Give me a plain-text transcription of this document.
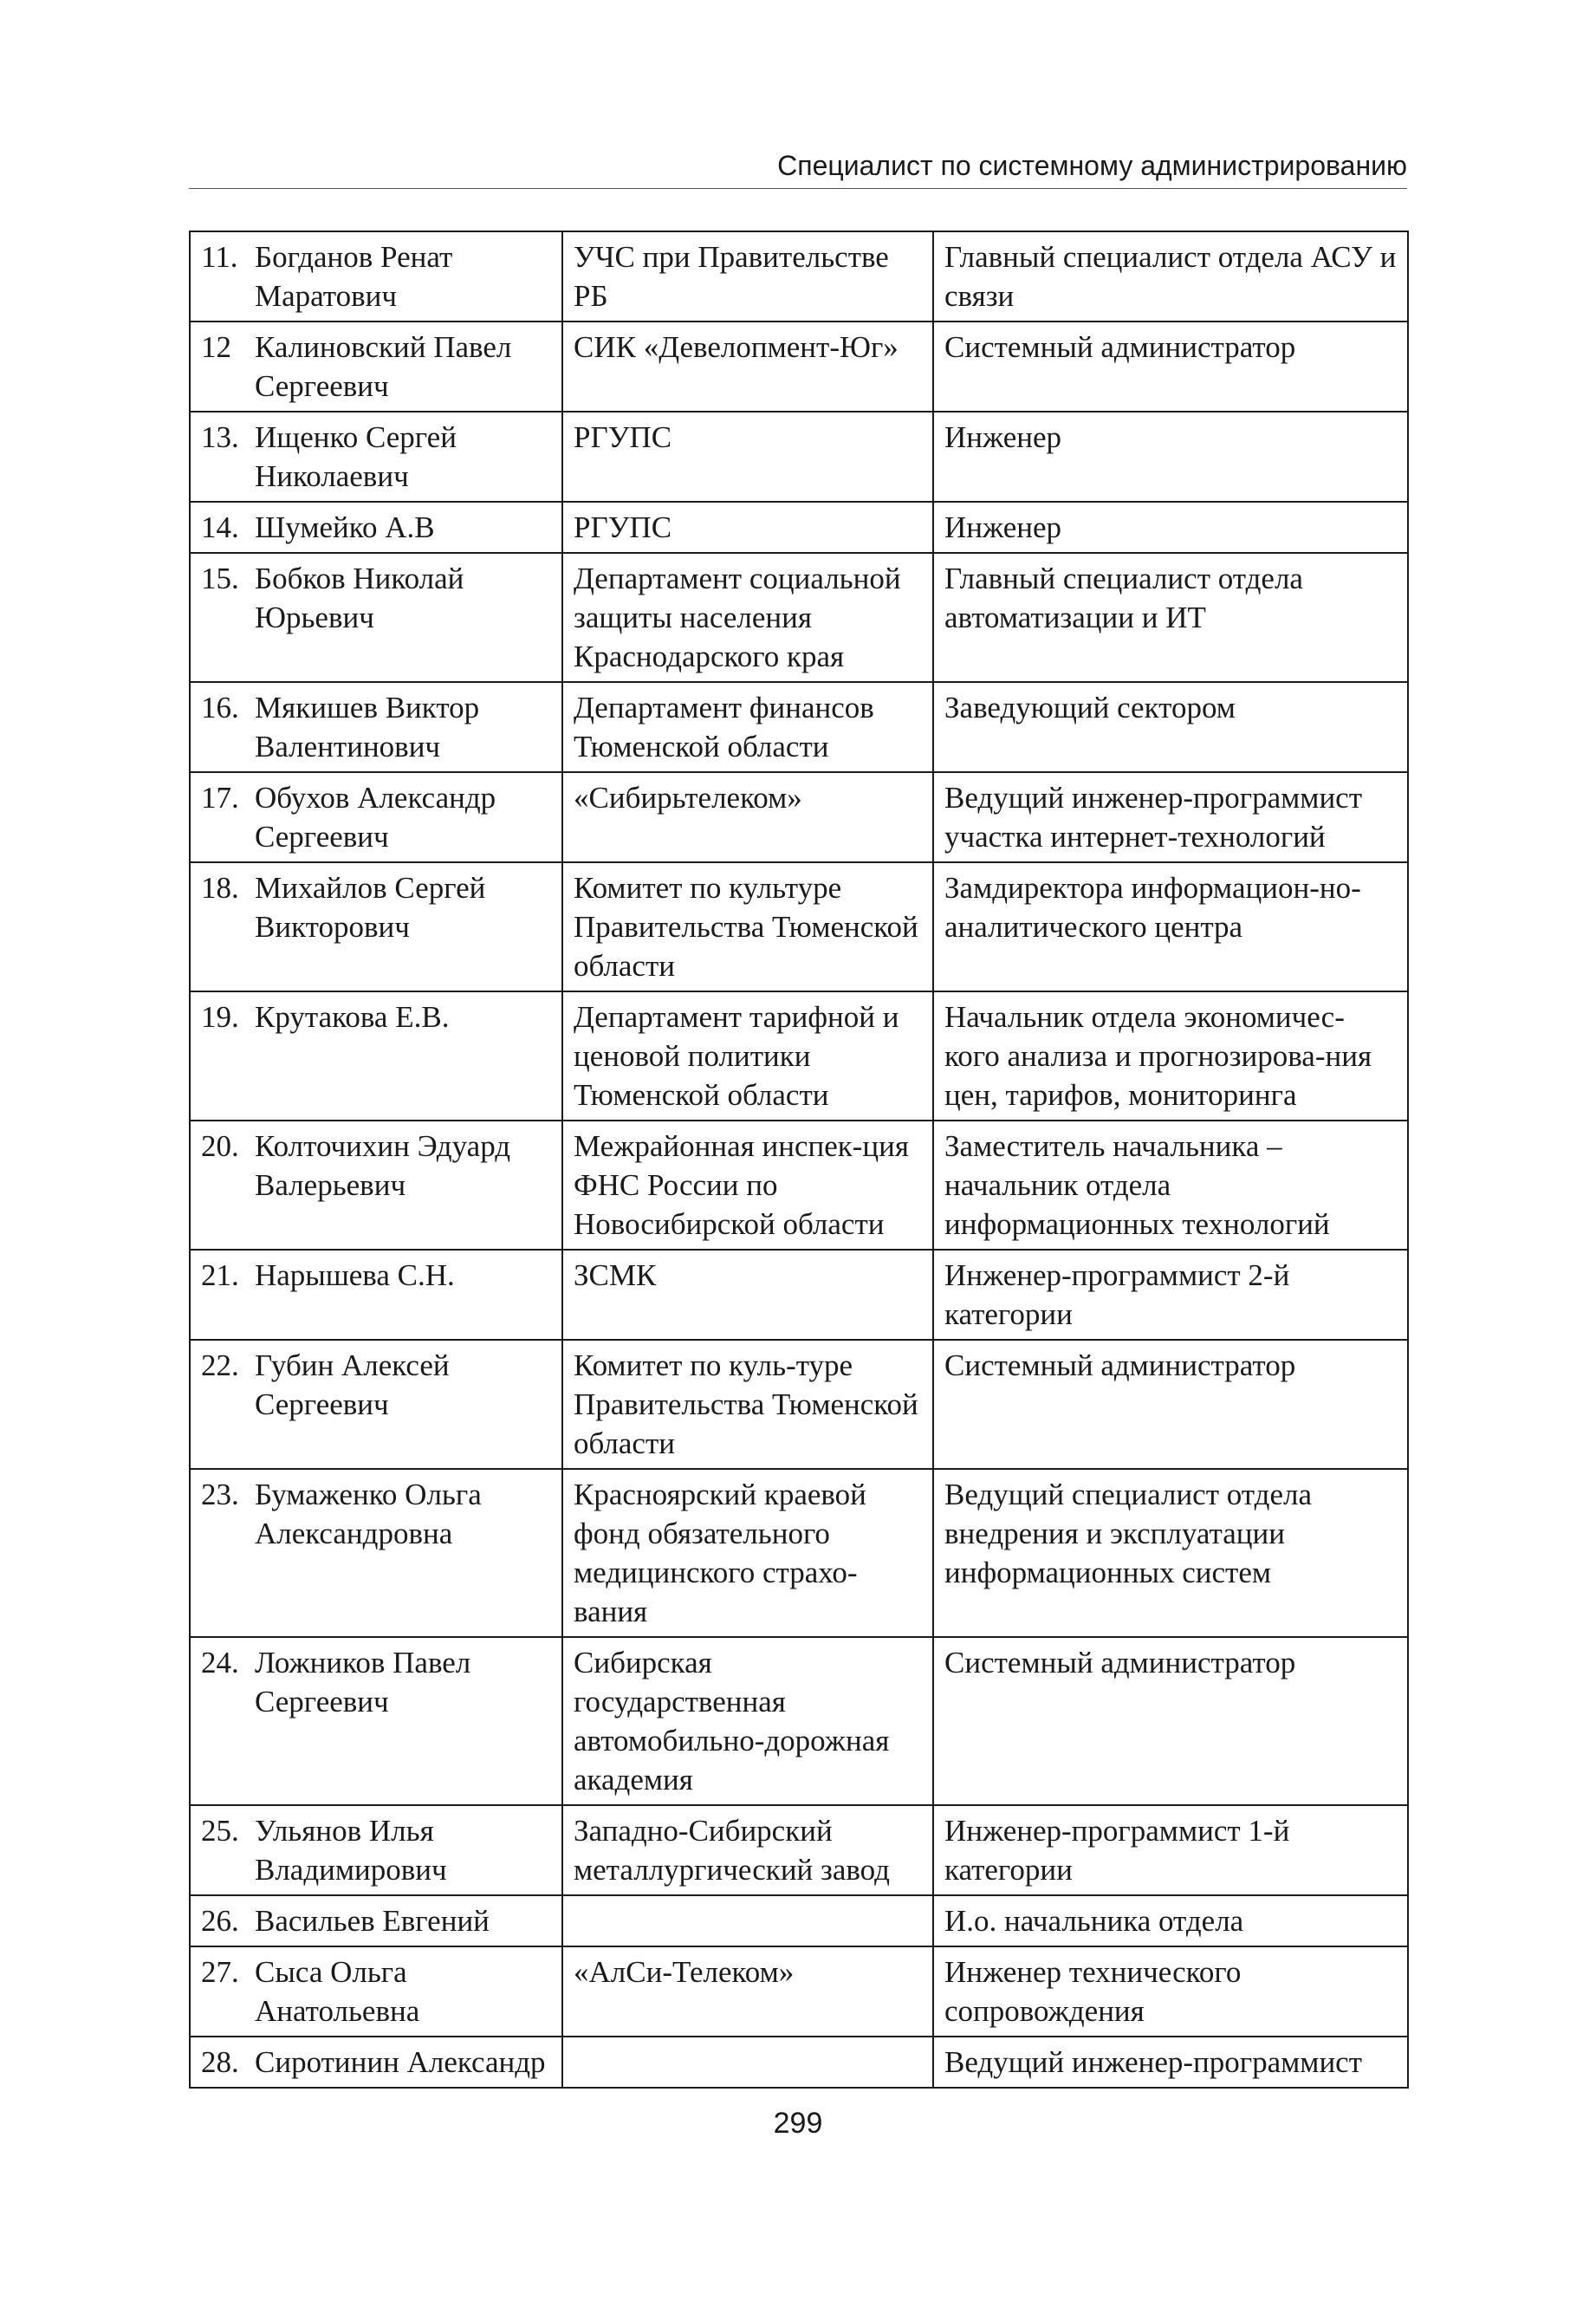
Специалист по системному администрированию
11. Богданов Ренат Маратович	УЧС при Правительстве РБ	Главный специалист отдела АСУ и связи

12 Калиновский Павел Сергеевич	СИК «Девелопмент-Юг»	Системный администратор

13. Ищенко Сергей Николаевич	РГУПС	Инженер

14. Шумейко А.В	РГУПС	Инженер

15. Бобков Николай Юрьевич	Департамент социальной защиты населения Краснодарского края	Главный специалист отдела автоматизации и ИТ

16. Мякишев Виктор Валентинович	Департамент финансов Тюменской области	Заведующий сектором

17. Обухов Александр Сергеевич	«Сибирьтелеком»	Ведущий инженер-программист участка интернет-технологий

18. Михайлов Сергей Викторович	Комитет по культуре Правительства Тюменской области	Замдиректора информацион-но-аналитического центра

19. Крутакова Е.В.	Департамент тарифной и ценовой политики Тюменской области	Начальник отдела экономичес-кого анализа и прогнозирова-ния цен, тарифов, мониторинга

20. Колточихин Эдуард Валерьевич	Межрайонная инспек-ция ФНС России по Новосибирской области	Заместитель начальника – начальник отдела информационных технологий

21. Нарышева С.Н.	ЗСМК	Инженер-программист 2-й категории

22. Губин Алексей Сергеевич	Комитет по куль-туре Правительства Тюменской области	Системный администратор

23. Бумаженко Ольга Александровна	Красноярский краевой фонд обязательного медицинского страхо-вания	Ведущий специалист отдела внедрения и эксплуатации информационных систем

24. Ложников Павел Сергеевич	Сибирская государственная автомобильно-дорожная академия	Системный администратор

25. Ульянов Илья Владимирович	Западно-Сибирский металлургический завод	Инженер-программист 1-й категории

26. Васильев Евгений		И.о. начальника отдела

27. Сыса Ольга Анатольевна	«АлСи-Телеком»	Инженер технического сопровождения

28. Сиротинин Александр		Ведущий инженер-программист
299
